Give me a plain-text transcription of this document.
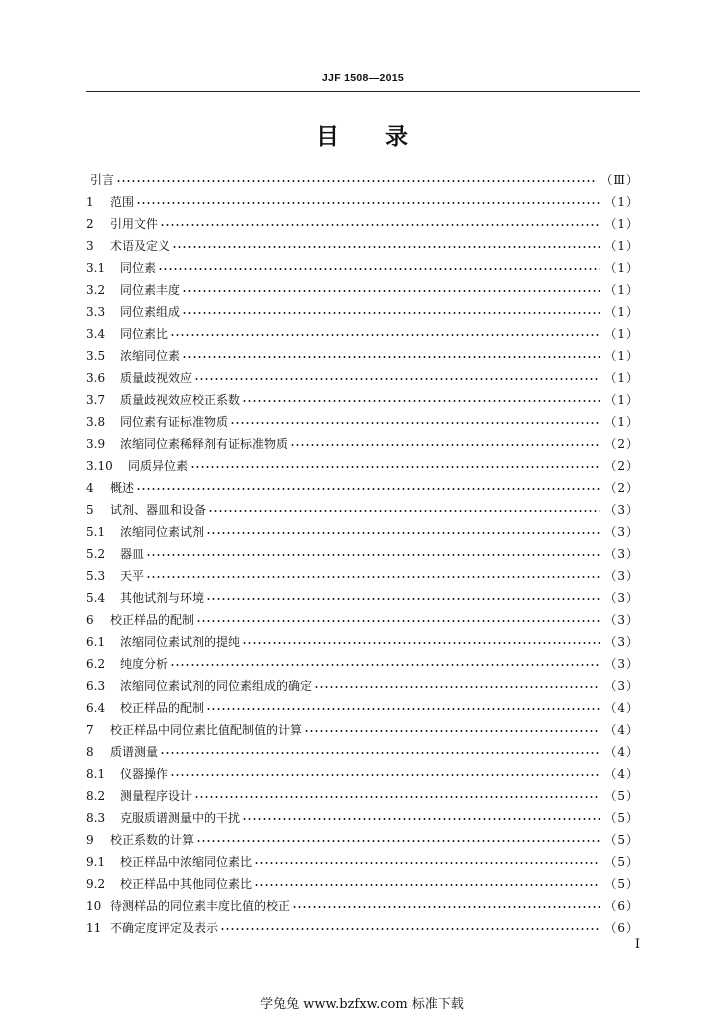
JJF 1508—2015
目 录
引言	（Ⅲ）
1	范围	（1）
2	引用文件	（1）
3	术语及定义	（1）
3.1	同位素	（1）
3.2	同位素丰度	（1）
3.3	同位素组成	（1）
3.4	同位素比	（1）
3.5	浓缩同位素	（1）
3.6	质量歧视效应	（1）
3.7	质量歧视效应校正系数	（1）
3.8	同位素有证标准物质	（1）
3.9	浓缩同位素稀释剂有证标准物质	（2）
3.10	同质异位素	（2）
4	概述	（2）
5	试剂、器皿和设备	（3）
5.1	浓缩同位素试剂	（3）
5.2	器皿	（3）
5.3	天平	（3）
5.4	其他试剂与环境	（3）
6	校正样品的配制	（3）
6.1	浓缩同位素试剂的提纯	（3）
6.2	纯度分析	（3）
6.3	浓缩同位素试剂的同位素组成的确定	（3）
6.4	校正样品的配制	（4）
7	校正样品中同位素比值配制值的计算	（4）
8	质谱测量	（4）
8.1	仪器操作	（4）
8.2	测量程序设计	（5）
8.3	克服质谱测量中的干扰	（5）
9	校正系数的计算	（5）
9.1	校正样品中浓缩同位素比	（5）
9.2	校正样品中其他同位素比	（5）
10 待测样品的同位素丰度比值的校正	（6）
11 不确定度评定及表示	（6）
Ⅰ
学兔兔 www.bzfxw.com 标准下载
